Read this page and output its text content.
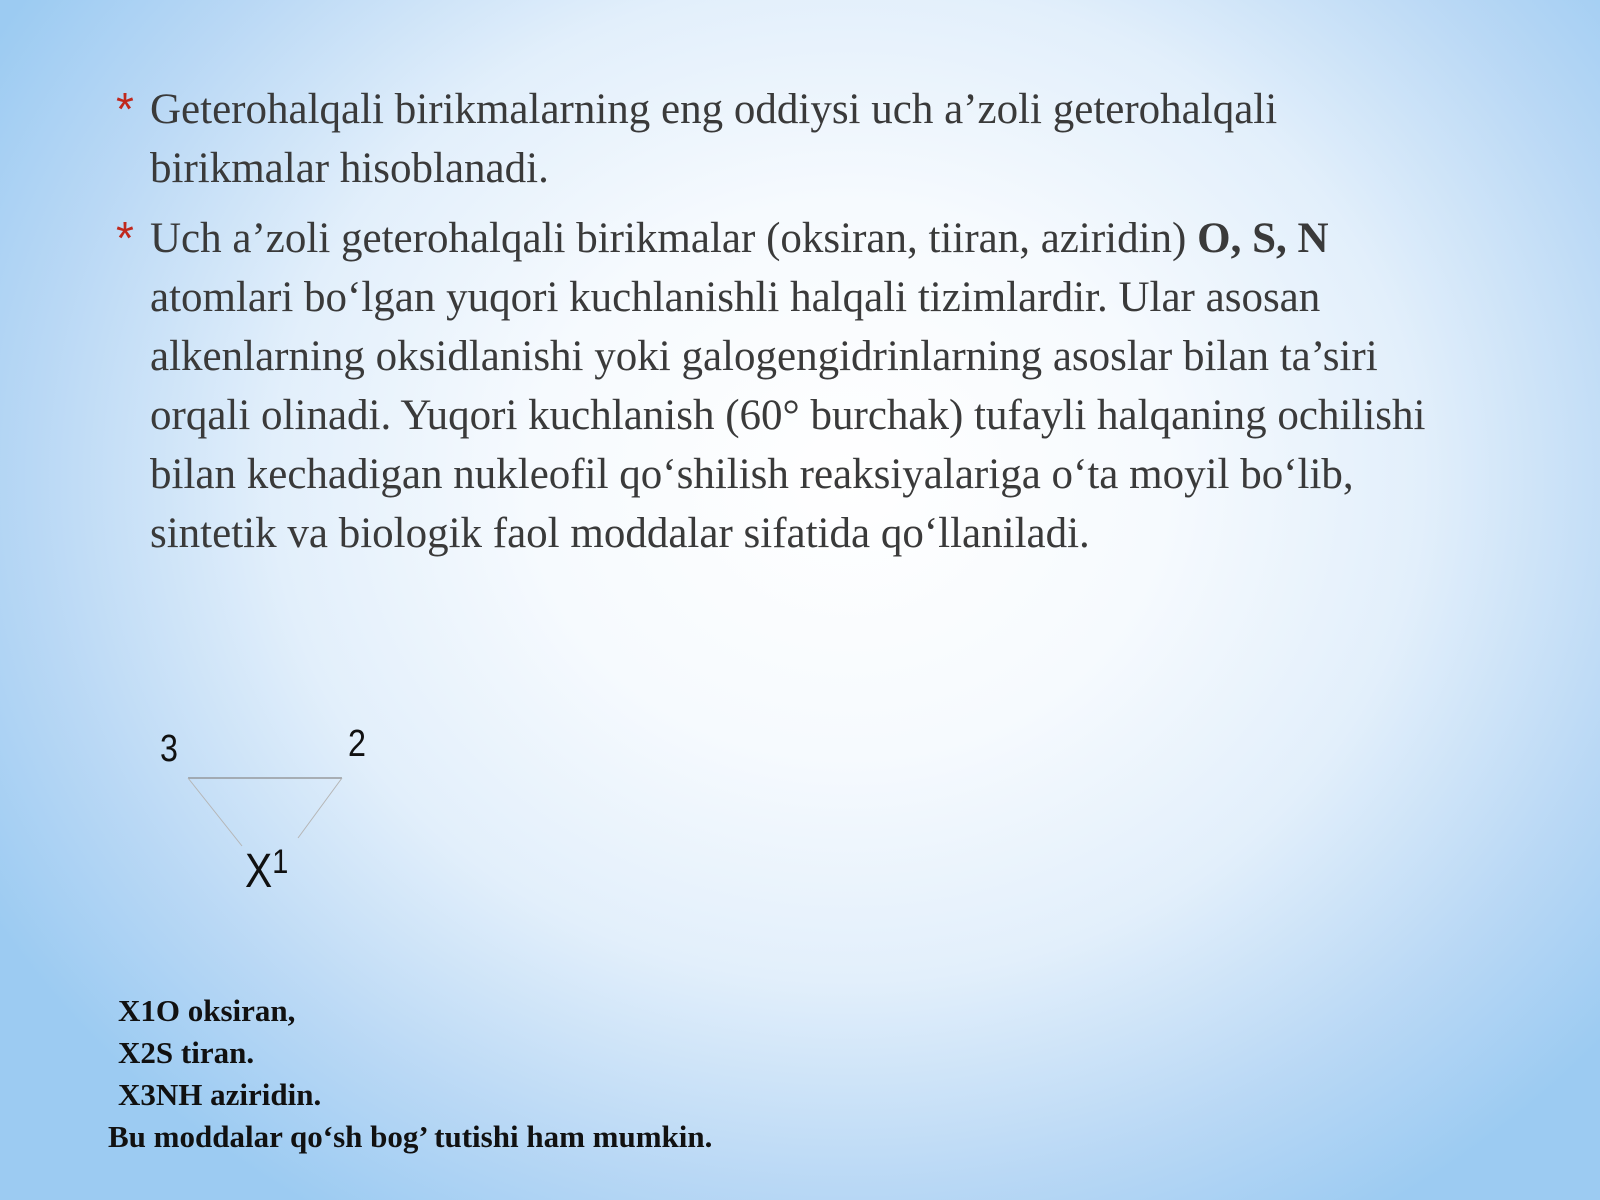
* Geterohalqali birikmalarning eng oddiysi uch a’zoli geterohalqali birikmalar hisoblanadi.
* Uch a’zoli geterohalqali birikmalar (oksiran, tiiran, aziridin) O, S, N atomlari bo‘lgan yuqori kuchlanishli halqali tizimlardir. Ular asosan alkenlarning oksidlanishi yoki galogengidrinlarning asoslar bilan ta’siri orqali olinadi. Yuqori kuchlanish (60° burchak) tufayli halqaning ochilishi bilan kechadigan nukleofil qo‘shilish reaksiyalariga o‘ta moyil bo‘lib, sintetik va biologik faol moddalar sifatida qo‘llaniladi.
3	2
$X^1$
X1O oksiran,
X2S tiran.
X3NH aziridin.
Bu moddalar qo‘sh bog’ tutishi ham mumkin.
